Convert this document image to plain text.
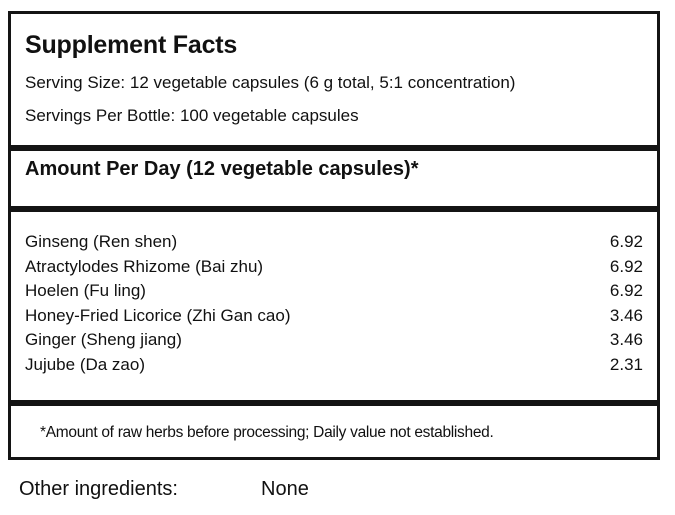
Supplement Facts
Serving Size: 12 vegetable capsules (6 g total, 5:1 concentration)
Servings Per Bottle: 100 vegetable capsules
Amount Per Day (12 vegetable capsules)*
Ginseng (Ren shen)	6.92
Atractylodes Rhizome (Bai zhu)	6.92
Hoelen (Fu ling)	6.92
Honey-Fried Licorice (Zhi Gan cao)	3.46
Ginger (Sheng jiang)	3.46
Jujube (Da zao)	2.31
*Amount of raw herbs before processing; Daily value not established.
Other ingredients:	None
